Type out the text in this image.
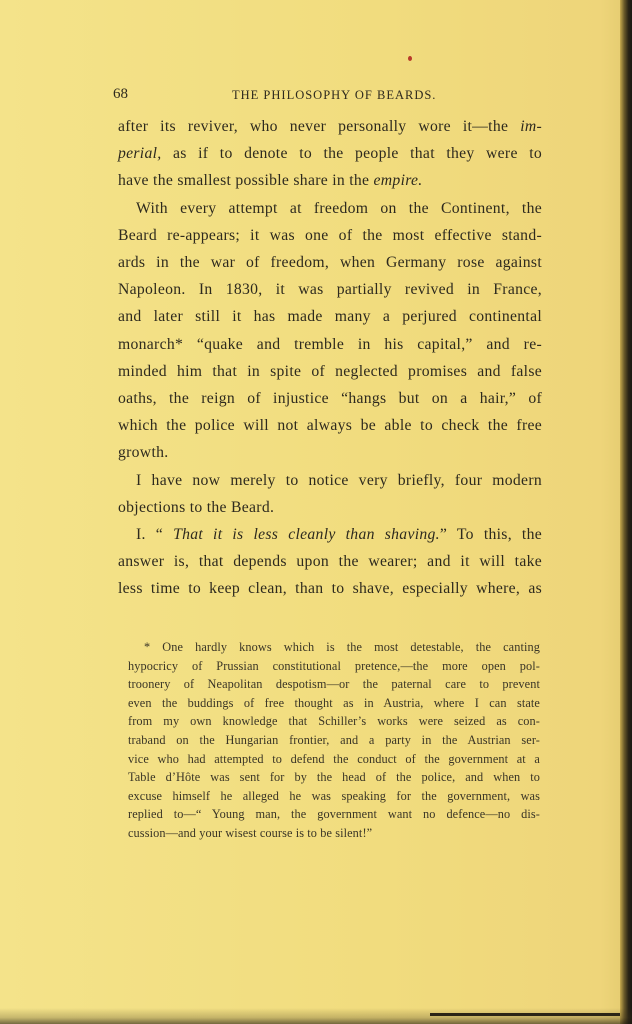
68	THE PHILOSOPHY OF BEARDS.
after its reviver, who never personally wore it—the im-
perial, as if to denote to the people that they were to
have the smallest possible share in the empire.
With every attempt at freedom on the Continent, the
Beard re-appears; it was one of the most effective stand-
ards in the war of freedom, when Germany rose against
Napoleon. In 1830, it was partially revived in France,
and later still it has made many a perjured continental
monarch* “quake and tremble in his capital,” and re-
minded him that in spite of neglected promises and false
oaths, the reign of injustice “hangs but on a hair,” of
which the police will not always be able to check the free
growth.
I have now merely to notice very briefly, four modern
objections to the Beard.
I. “ That it is less cleanly than shaving.” To this, the
answer is, that depends upon the wearer; and it will take
less time to keep clean, than to shave, especially where, as
* One hardly knows which is the most detestable, the canting
hypocricy of Prussian constitutional pretence,—the more open pol-
troonery of Neapolitan despotism—or the paternal care to prevent
even the buddings of free thought as in Austria, where I can state
from my own knowledge that Schiller’s works were seized as con-
traband on the Hungarian frontier, and a party in the Austrian ser-
vice who had attempted to defend the conduct of the government at a
Table d’Hôte was sent for by the head of the police, and when to
excuse himself he alleged he was speaking for the government, was
replied to—“ Young man, the government want no defence—no dis-
cussion—and your wisest course is to be silent!”
